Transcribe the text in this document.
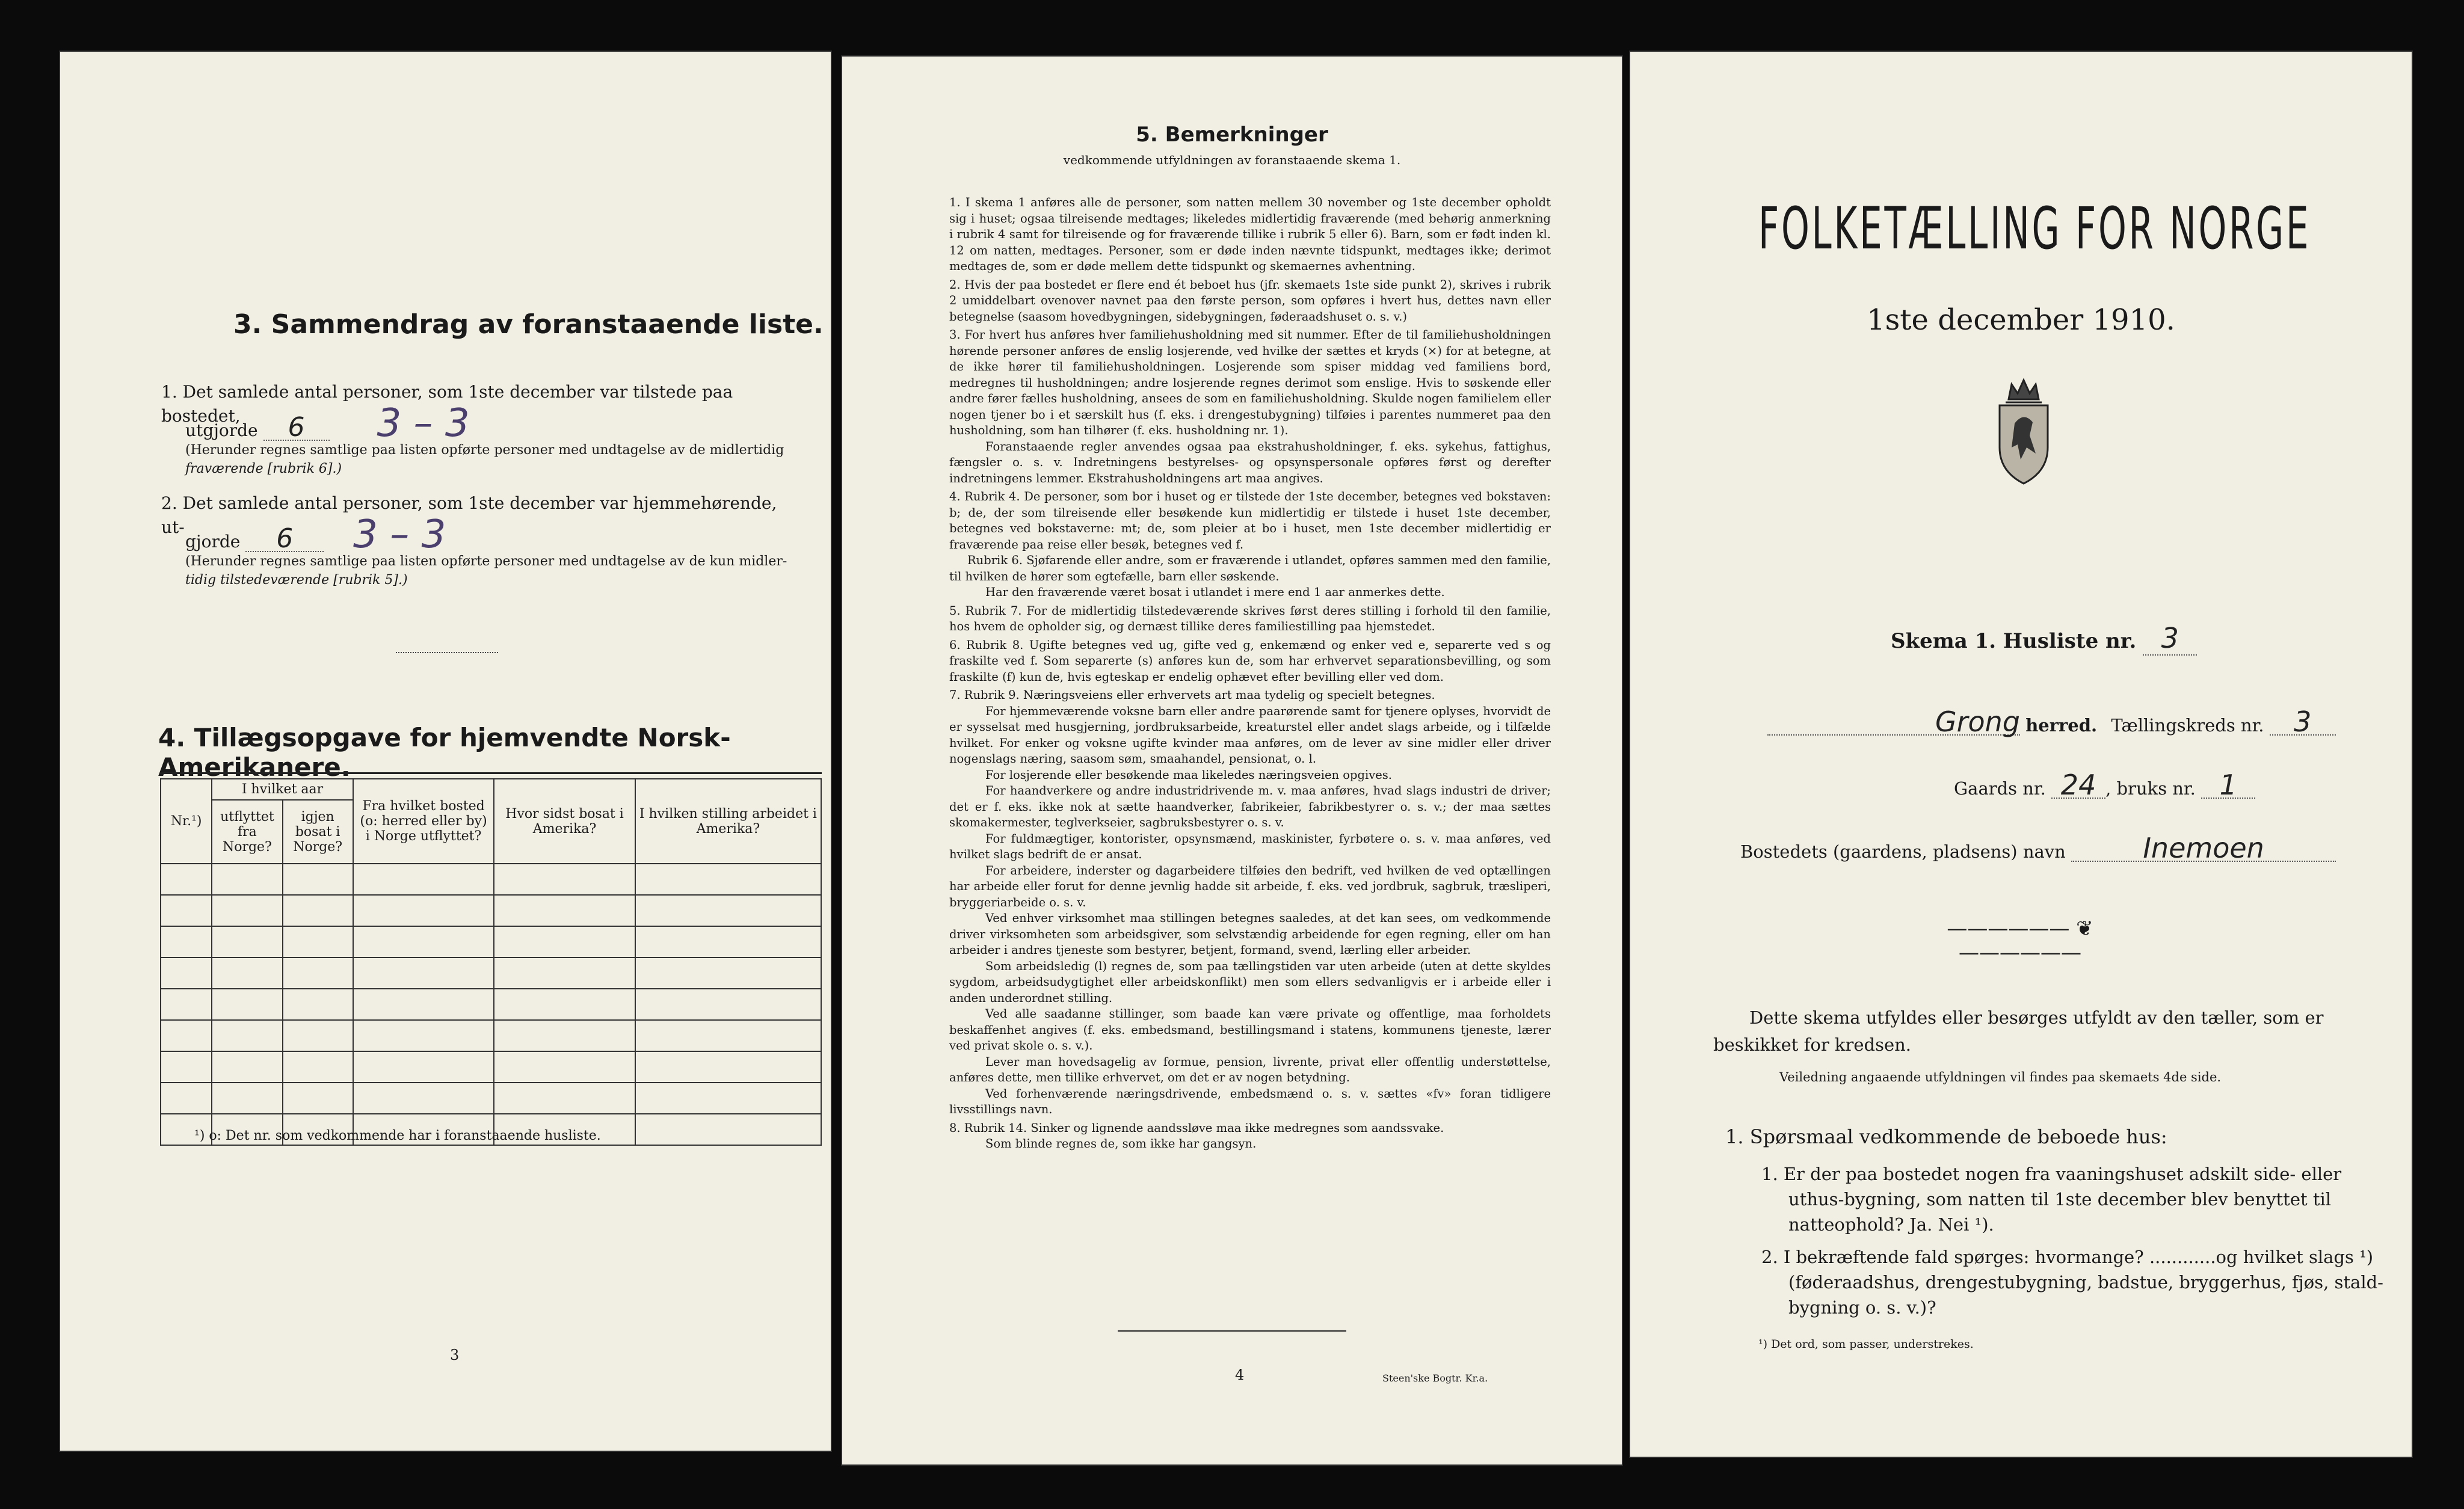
3. Sammendrag av foranstaaende liste.
1. Det samlede antal personer, som 1ste december var tilstede paa bostedet,
utgjorde 6 3 – 3
(Herunder regnes samtlige paa listen opførte personer med undtagelse av de midlertidig
fraværende [rubrik 6].)
2. Det samlede antal personer, som 1ste december var hjemmehørende, ut-
gjorde 6 3 – 3
(Herunder regnes samtlige paa listen opførte personer med undtagelse av de kun midler-
tidig tilstedeværende [rubrik 5].)
4. Tillægsopgave for hjemvendte Norsk-Amerikanere.
Nr.¹)	I hvilket aar		Fra hvilket bosted (o: herred eller by) i Norge utflyttet?	Hvor sidst bosat i Amerika?	I hvilken stilling arbeidet i Amerika?
	utflyttet fra Norge?	igjen bosat i Norge?			

¹) o: Det nr. som vedkommende har i foranstaaende husliste.
3
5. Bemerkninger
vedkommende utfyldningen av foranstaaende skema 1.

1. I skema 1 anføres alle de personer, som natten mellem 30 november og 1ste december opholdt sig i huset; ogsaa tilreisende medtages; likeledes midlertidig fraværende (med behørig anmerkning i rubrik 4 samt for tilreisende og for fraværende tillike i rubrik 5 eller 6). Barn, som er født inden kl. 12 om natten, medtages. Personer, som er døde inden nævnte tidspunkt, medtages ikke; derimot medtages de, som er døde mellem dette tidspunkt og skemaernes avhentning.

2. Hvis der paa bostedet er flere end ét beboet hus (jfr. skemaets 1ste side punkt 2), skrives i rubrik 2 umiddelbart ovenover navnet paa den første person, som opføres i hvert hus, dettes navn eller betegnelse (saasom hovedbygningen, sidebygningen, føderaadshuset o. s. v.)

3. For hvert hus anføres hver familiehusholdning med sit nummer. Efter de til familiehusholdningen hørende personer anføres de enslig losjerende, ved hvilke der sættes et kryds (×) for at betegne, at de ikke hører til familiehusholdningen. Losjerende som spiser middag ved familiens bord, medregnes til husholdningen; andre losjerende regnes derimot som enslige. Hvis to søskende eller andre fører fælles husholdning, ansees de som en familiehusholdning. Skulde nogen familielem eller nogen tjener bo i et særskilt hus (f. eks. i drengestubygning) tilføies i parentes nummeret paa den husholdning, som han tilhører (f. eks. husholdning nr. 1).

Foranstaaende regler anvendes ogsaa paa ekstrahusholdninger, f. eks. sykehus, fattighus, fængsler o. s. v. Indretningens bestyrelses- og opsynspersonale opføres først og derefter indretningens lemmer. Ekstrahusholdningens art maa angives.

4. Rubrik 4. De personer, som bor i huset og er tilstede der 1ste december, betegnes ved bokstaven: b; de, der som tilreisende eller besøkende kun midlertidig er tilstede i huset 1ste december, betegnes ved bokstaverne: mt; de, som pleier at bo i huset, men 1ste december midlertidig er fraværende paa reise eller besøk, betegnes ved f.

Rubrik 6. Sjøfarende eller andre, som er fraværende i utlandet, opføres sammen med den familie, til hvilken de hører som egtefælle, barn eller søskende.

Har den fraværende været bosat i utlandet i mere end 1 aar anmerkes dette.

5. Rubrik 7. For de midlertidig tilstedeværende skrives først deres stilling i forhold til den familie, hos hvem de opholder sig, og dernæst tillike deres familiestilling paa hjemstedet.

6. Rubrik 8. Ugifte betegnes ved ug, gifte ved g, enkemænd og enker ved e, separerte ved s og fraskilte ved f. Som separerte (s) anføres kun de, som har erhvervet separationsbevilling, og som fraskilte (f) kun de, hvis egteskap er endelig ophævet efter bevilling eller ved dom.

7. Rubrik 9. Næringsveiens eller erhvervets art maa tydelig og specielt betegnes.

For hjemmeværende voksne barn eller andre paarørende samt for tjenere oplyses, hvorvidt de er sysselsat med husgjerning, jordbruksarbeide, kreaturstel eller andet slags arbeide, og i tilfælde hvilket. For enker og voksne ugifte kvinder maa anføres, om de lever av sine midler eller driver nogenslags næring, saasom søm, smaahandel, pensionat, o. l.

For losjerende eller besøkende maa likeledes næringsveien opgives.

For haandverkere og andre industridrivende m. v. maa anføres, hvad slags industri de driver; det er f. eks. ikke nok at sætte haandverker, fabrikeier, fabrikbestyrer o. s. v.; der maa sættes skomakermester, teglverkseier, sagbruksbestyrer o. s. v.

For fuldmægtiger, kontorister, opsynsmænd, maskinister, fyrbøtere o. s. v. maa anføres, ved hvilket slags bedrift de er ansat.

For arbeidere, inderster og dagarbeidere tilføies den bedrift, ved hvilken de ved optællingen har arbeide eller forut for denne jevnlig hadde sit arbeide, f. eks. ved jordbruk, sagbruk, træsliperi, bryggeriarbeide o. s. v.

Ved enhver virksomhet maa stillingen betegnes saaledes, at det kan sees, om vedkommende driver virksomheten som arbeidsgiver, som selvstændig arbeidende for egen regning, eller om han arbeider i andres tjeneste som bestyrer, betjent, formand, svend, lærling eller arbeider.

Som arbeidsledig (l) regnes de, som paa tællingstiden var uten arbeide (uten at dette skyldes sygdom, arbeidsudygtighet eller arbeidskonflikt) men som ellers sedvanligvis er i arbeide eller i anden underordnet stilling.

Ved alle saadanne stillinger, som baade kan være private og offentlige, maa forholdets beskaffenhet angives (f. eks. embedsmand, bestillingsmand i statens, kommunens tjeneste, lærer ved privat skole o. s. v.).

Lever man hovedsagelig av formue, pension, livrente, privat eller offentlig understøttelse, anføres dette, men tillike erhvervet, om det er av nogen betydning.

Ved forhenværende næringsdrivende, embedsmænd o. s. v. sættes «fv» foran tidligere livsstillings navn.

8. Rubrik 14. Sinker og lignende aandssløve maa ikke medregnes som aandssvake.

Som blinde regnes de, som ikke har gangsyn.

4	Steen'ske Bogtr. Kr.a.
FOLKETÆLLING FOR NORGE
1ste december 1910.
Skema 1. Husliste nr. 3
Grong herred. Tællingskreds nr. 3
Gaards nr. 24 , bruks nr. 1
Bostedets (gaardens, pladsens) navn	Inemoen
—————— ❦ ——————
Dette skema utfyldes eller besørges utfyldt av den tæller, som er
beskikket for kredsen.
Veiledning angaaende utfyldningen vil findes paa skemaets 4de side.
1. Spørsmaal vedkommende de beboede hus:
1. Er der paa bostedet nogen fra vaaningshuset adskilt side- eller
uthus-bygning, som natten til 1ste december blev benyttet til
natteophold? Ja. Nei ¹).
2. I bekræftende fald spørges: hvormange? ............og hvilket slags ¹)
(føderaadshus, drengestubygning, badstue, bryggerhus, fjøs, stald-
bygning o. s. v.)?
¹) Det ord, som passer, understrekes.
